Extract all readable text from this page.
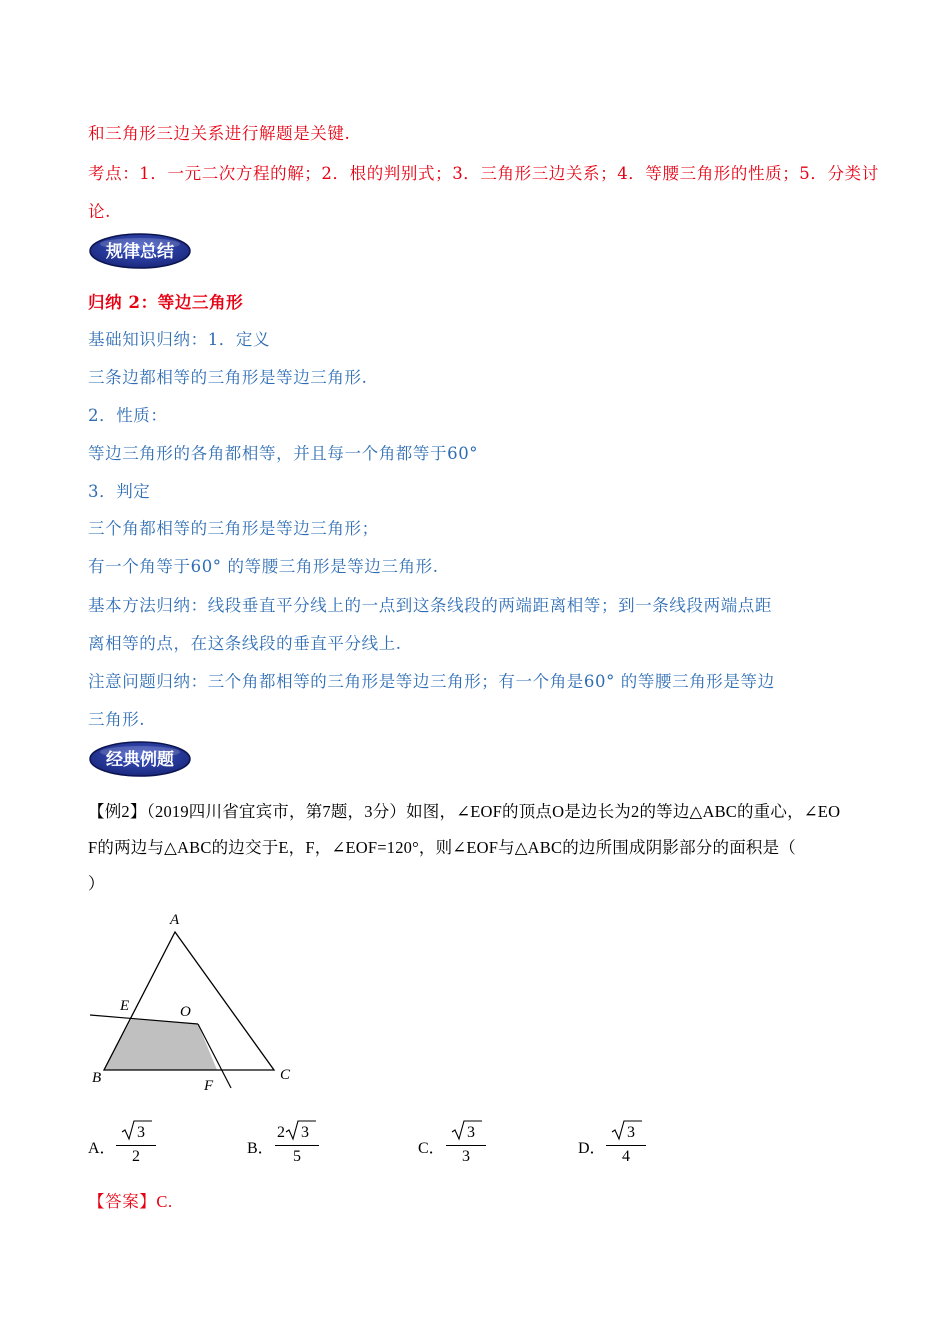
和三角形三边关系进行解题是关键.
考点：1．一元二次方程的解；2．根的判别式；3．三角形三边关系；4．等腰三角形的性质；5．分类讨
论.
规律总结
归纳 2：等边三角形
基础知识归纳：1．定义
三条边都相等的三角形是等边三角形.
2．性质：
等边三角形的各角都相等，并且每一个角都等于60°
3．判定
三个角都相等的三角形是等边三角形；
有一个角等于60° 的等腰三角形是等边三角形.
基本方法归纳：线段垂直平分线上的一点到这条线段的两端距离相等；到一条线段两端点距
离相等的点，在这条线段的垂直平分线上.
注意问题归纳：三个角都相等的三角形是等边三角形；有一个角是60° 的等腰三角形是等边
三角形.
经典例题
【例2】（2019四川省宜宾市，第7题，3分）如图，∠EOF的顶点O是边长为2的等边△ABC的重心，∠EO
F的两边与△ABC的边交于E，F，∠EOF=120°，则∠EOF与△ABC的边所围成阴影部分的面积是（
）
A
E	O
B	C
F
A．
3
2	B．
2 3
5	C．
3
3	D．
3
4
【答案】C.
